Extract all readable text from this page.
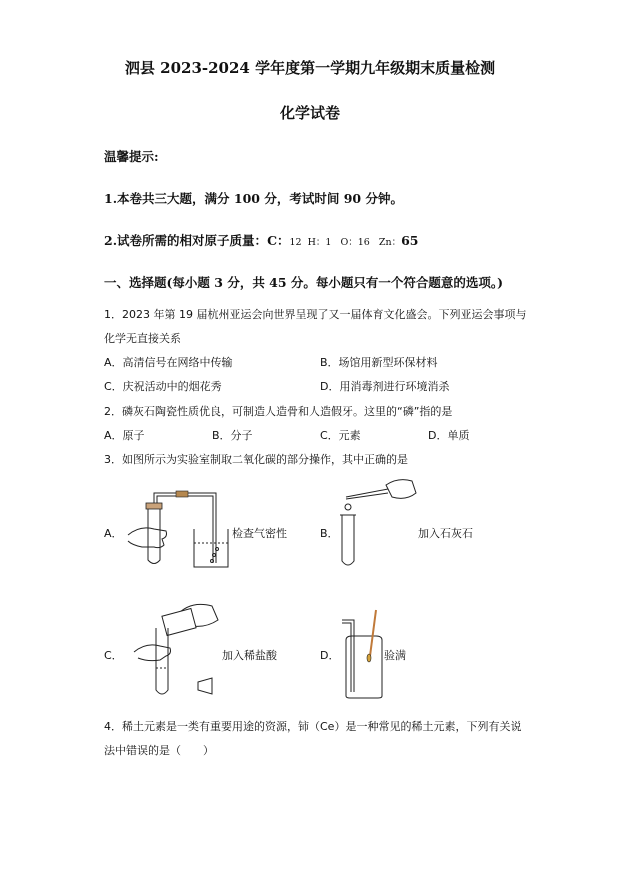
泗县 2023-2024 学年度第一学期九年级期末质量检测
化学试卷
温馨提示:
1.本卷共三大题，满分 100 分，考试时间 90 分钟。
2.试卷所需的相对原子质量：C：12 H：1 O：16 Zn：65
一、选择题(每小题 3 分，共 45 分。每小题只有一个符合题意的选项。)
1．2023 年第 19 届杭州亚运会向世界呈现了又一届体育文化盛会。下列亚运会事项与
化学无直接关系
A．高清信号在网络中传输	B．场馆用新型环保材料
C．庆祝活动中的烟花秀	D．用消毒剂进行环境消杀
2．磷灰石陶瓷性质优良，可制造人造骨和人造假牙。这里的“磷”指的是
A．原子	B．分子	C．元素	D．单质
3．如图所示为实验室制取二氧化碳的部分操作，其中正确的是
A．	检查气密性	B．	加入石灰石
C．	加入稀盐酸	D．	验满
4．稀土元素是一类有重要用途的资源，铈（Ce）是一种常见的稀土元素，下列有关说
法中错误的是（　　）
